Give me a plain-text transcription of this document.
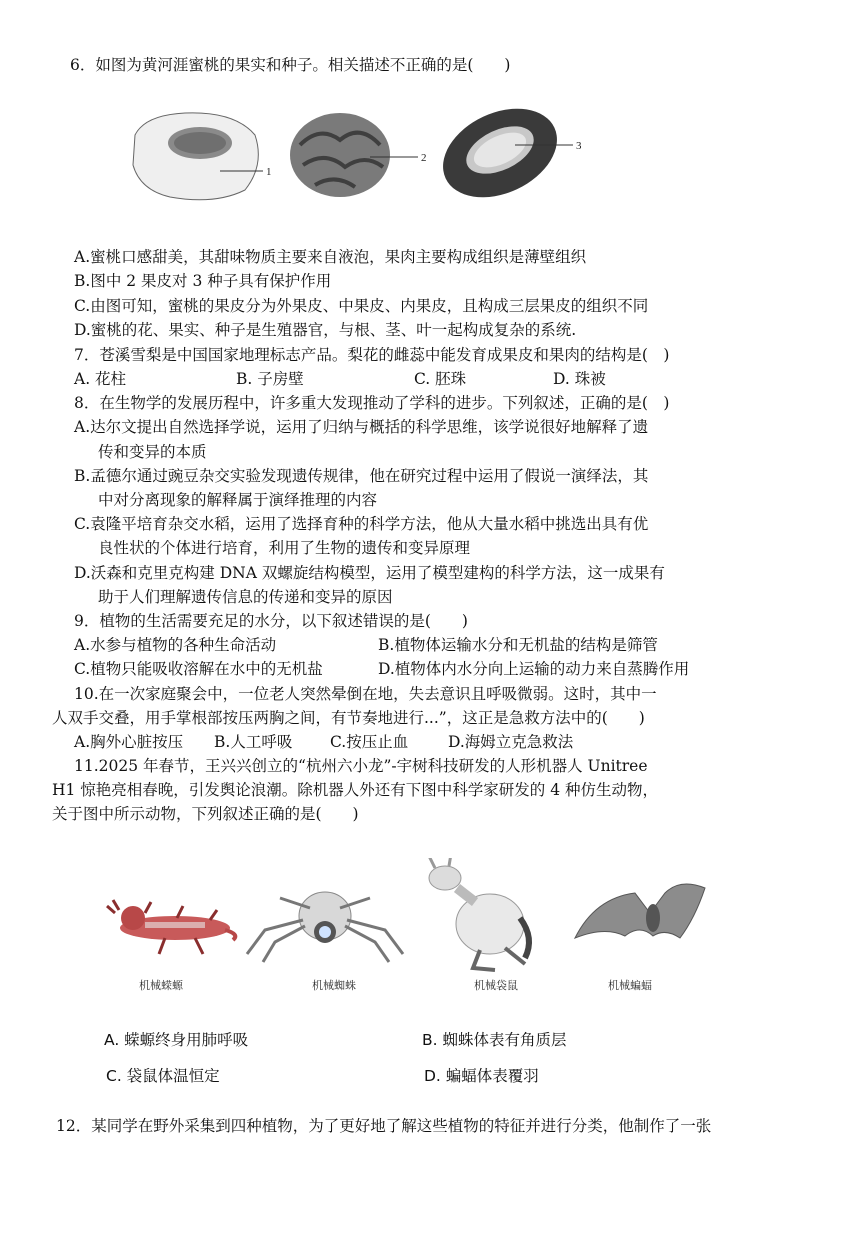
6．如图为黄河涯蜜桃的果实和种子。相关描述不正确的是(　　)
1
2
3
A.蜜桃口感甜美，其甜味物质主要来自液泡，果肉主要构成组织是薄壁组织
B.图中 2 果皮对 3 种子具有保护作用
C.由图可知，蜜桃的果皮分为外果皮、中果皮、内果皮，且构成三层果皮的组织不同
D.蜜桃的花、果实、种子是生殖器官，与根、茎、叶一起构成复杂的系统.
7．苍溪雪梨是中国国家地理标志产品。梨花的雌蕊中能发育成果皮和果肉的结构是(　)
A. 花柱	B. 子房壁	C. 胚珠	D. 珠被
8．在生物学的发展历程中，许多重大发现推动了学科的进步。下列叙述，正确的是(　)
A.达尔文提出自然选择学说，运用了归纳与概括的科学思维，该学说很好地解释了遗
传和变异的本质
B.孟德尔通过豌豆杂交实验发现遗传规律，他在研究过程中运用了假说一演绎法，其
中对分离现象的解释属于演绎推理的内容
C.袁隆平培育杂交水稻，运用了选择育种的科学方法，他从大量水稻中挑选出具有优
良性状的个体进行培育，利用了生物的遗传和变异原理
D.沃森和克里克构建 DNA 双螺旋结构模型，运用了模型建构的科学方法，这一成果有
助于人们理解遗传信息的传递和变异的原因
9．植物的生活需要充足的水分，以下叙述错误的是(　　)
A.水参与植物的各种生命活动	B.植物体运输水分和无机盐的结构是筛管
C.植物只能吸收溶解在水中的无机盐	D.植物体内水分向上运输的动力来自蒸腾作用
10.在一次家庭聚会中，一位老人突然晕倒在地，失去意识且呼吸微弱。这时，其中一
人双手交叠，用手掌根部按压两胸之间，有节奏地进行...”，这正是急救方法中的(　　)
A.胸外心脏按压 B.人工呼吸 C.按压止血	D.海姆立克急救法
11.2025 年春节，王兴兴创立的“杭州六小龙”-宇树科技研发的人形机器人 Unitree
H1 惊艳亮相春晚，引发舆论浪潮。除机器人外还有下图中科学家研发的 4 种仿生动物，
关于图中所示动物，下列叙述正确的是(　　)
机械蝾螈	机械蜘蛛	机械袋鼠	机械蝙蝠
A. 蝾螈终身用肺呼吸	B. 蜘蛛体表有角质层
C. 袋鼠体温恒定	D. 蝙蝠体表覆羽
12．某同学在野外采集到四种植物，为了更好地了解这些植物的特征并进行分类，他制作了一张
